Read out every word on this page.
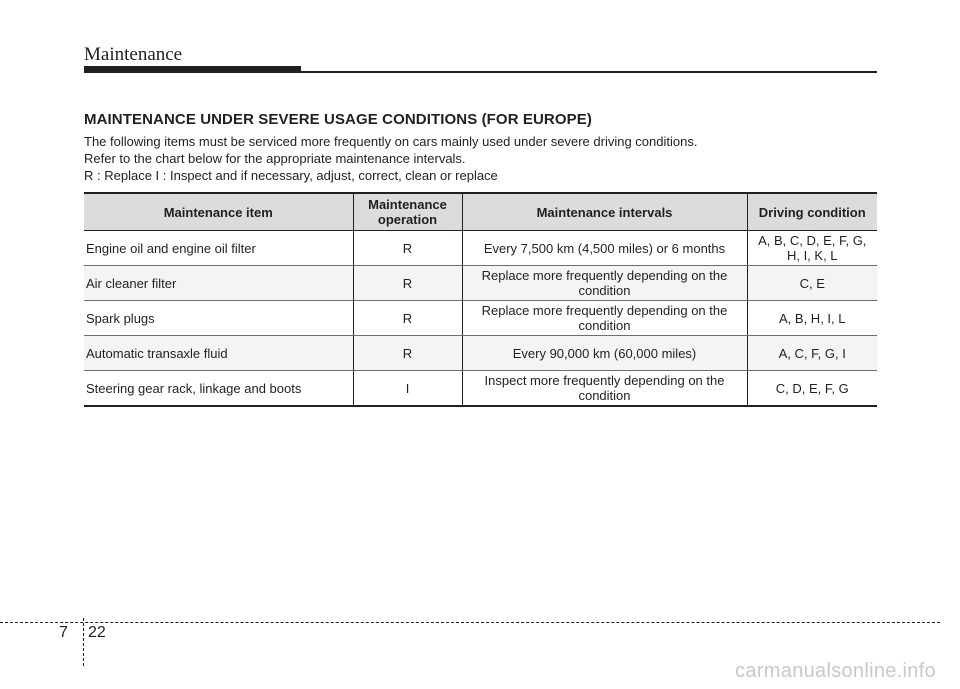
Maintenance
MAINTENANCE UNDER SEVERE USAGE CONDITIONS (FOR EUROPE)
The following items must be serviced more frequently on cars mainly used under severe driving conditions.
Refer to the chart below for the appropriate maintenance intervals.
R : Replace I : Inspect and if necessary, adjust, correct, clean or replace
Maintenance item	Maintenance operation	Maintenance intervals	Driving condition
Engine oil and engine oil filter	R	Every 7,500 km (4,500 miles) or 6 months	A, B, C, D, E, F, G, H, I, K, L
Air cleaner filter	R	Replace more frequently depending on the condition	C, E
Spark plugs	R	Replace more frequently depending on the condition	A, B, H, I, L
Automatic transaxle fluid	R	Every 90,000 km (60,000 miles)	A, C, F, G, I
Steering gear rack, linkage and boots	I	Inspect more frequently depending on the condition	C, D, E, F, G
7 22
carmanualsonline.info
